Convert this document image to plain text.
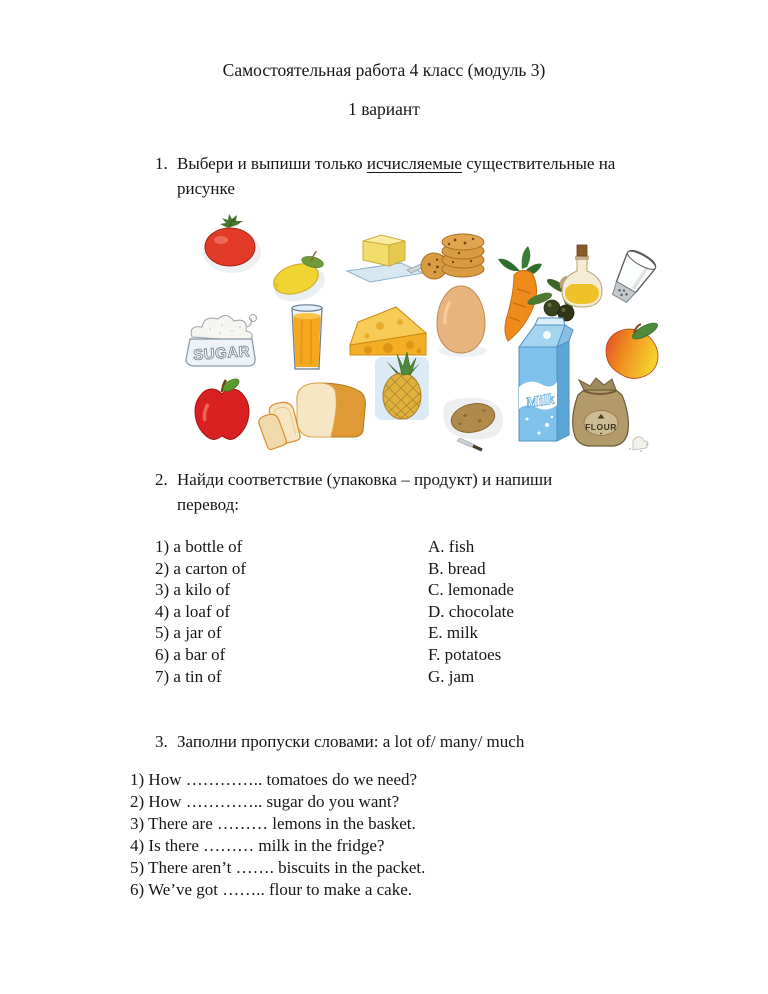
Самостоятельная работа 4 класс (модуль 3)
1 вариант
1. Выбери и выпиши только исчисляемые существительные на
рисунке
SUGAR
Milk
FLOUR
2. Найди соответствие (упаковка – продукт) и напиши
перевод:
1) a bottle of	A. fish
2) a carton of	B. bread
3) a kilo of	C. lemonade
4) a loaf of	D. chocolate
5) a jar of	E. milk
6) a bar of	F. potatoes
7) a tin of	G. jam
3. Заполни пропуски словами: a lot of/ many/ much
1) How ………….. tomatoes do we need?
2) How ………….. sugar do you want?
3) There are ……… lemons in the basket.
4) Is there ……… milk in the fridge?
5) There aren’t ……. biscuits in the packet.
6) We’ve got …….. flour to make a cake.
